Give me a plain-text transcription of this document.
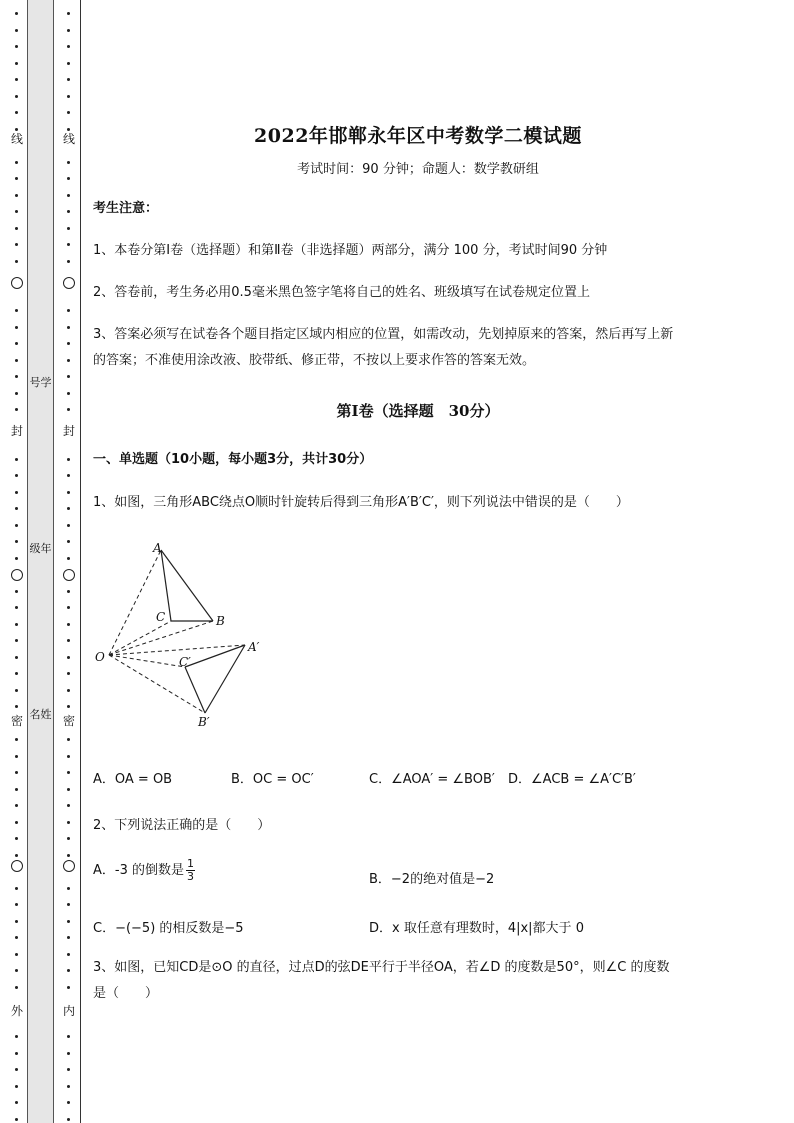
线
封
密
外
线
封
密
内
号学
级年
名姓
2022年邯郸永年区中考数学二模试题
考试时间：90 分钟；命题人：数学教研组
考生注意：
1、本卷分第Ⅰ卷（选择题）和第Ⅱ卷（非选择题）两部分，满分 100 分，考试时间90 分钟
2、答卷前，考生务必用0.5毫米黑色签字笔将自己的姓名、班级填写在试卷规定位置上
3、答案必须写在试卷各个题目指定区域内相应的位置，如需改动，先划掉原来的答案，然后再写上新
的答案；不准使用涂改液、胶带纸、修正带，不按以上要求作答的答案无效。
第Ⅰ卷（选择题　30分）
一、单选题（10小题，每小题3分，共计30分）
1、如图，三角形ABC绕点O顺时针旋转后得到三角形A′B′C′，则下列说法中错误的是（　　）
A．OA = OB	B．OC = OC′	C．∠AOA′ = ∠BOB′ D．∠ACB = ∠A′C′B′
2、下列说法正确的是（　　）
A．-3 的倒数是 $\frac{1}{3}$	B．−2的绝对值是−2
C．−(−5) 的相反数是−5	D．x 取任意有理数时，4|x|都大于 0
3、如图，已知CD是⊙O 的直径，过点D的弦DE平行于半径OA，若∠D 的度数是50°，则∠C 的度数
是（　　）
A
B
C
O
A′
B′
C′
